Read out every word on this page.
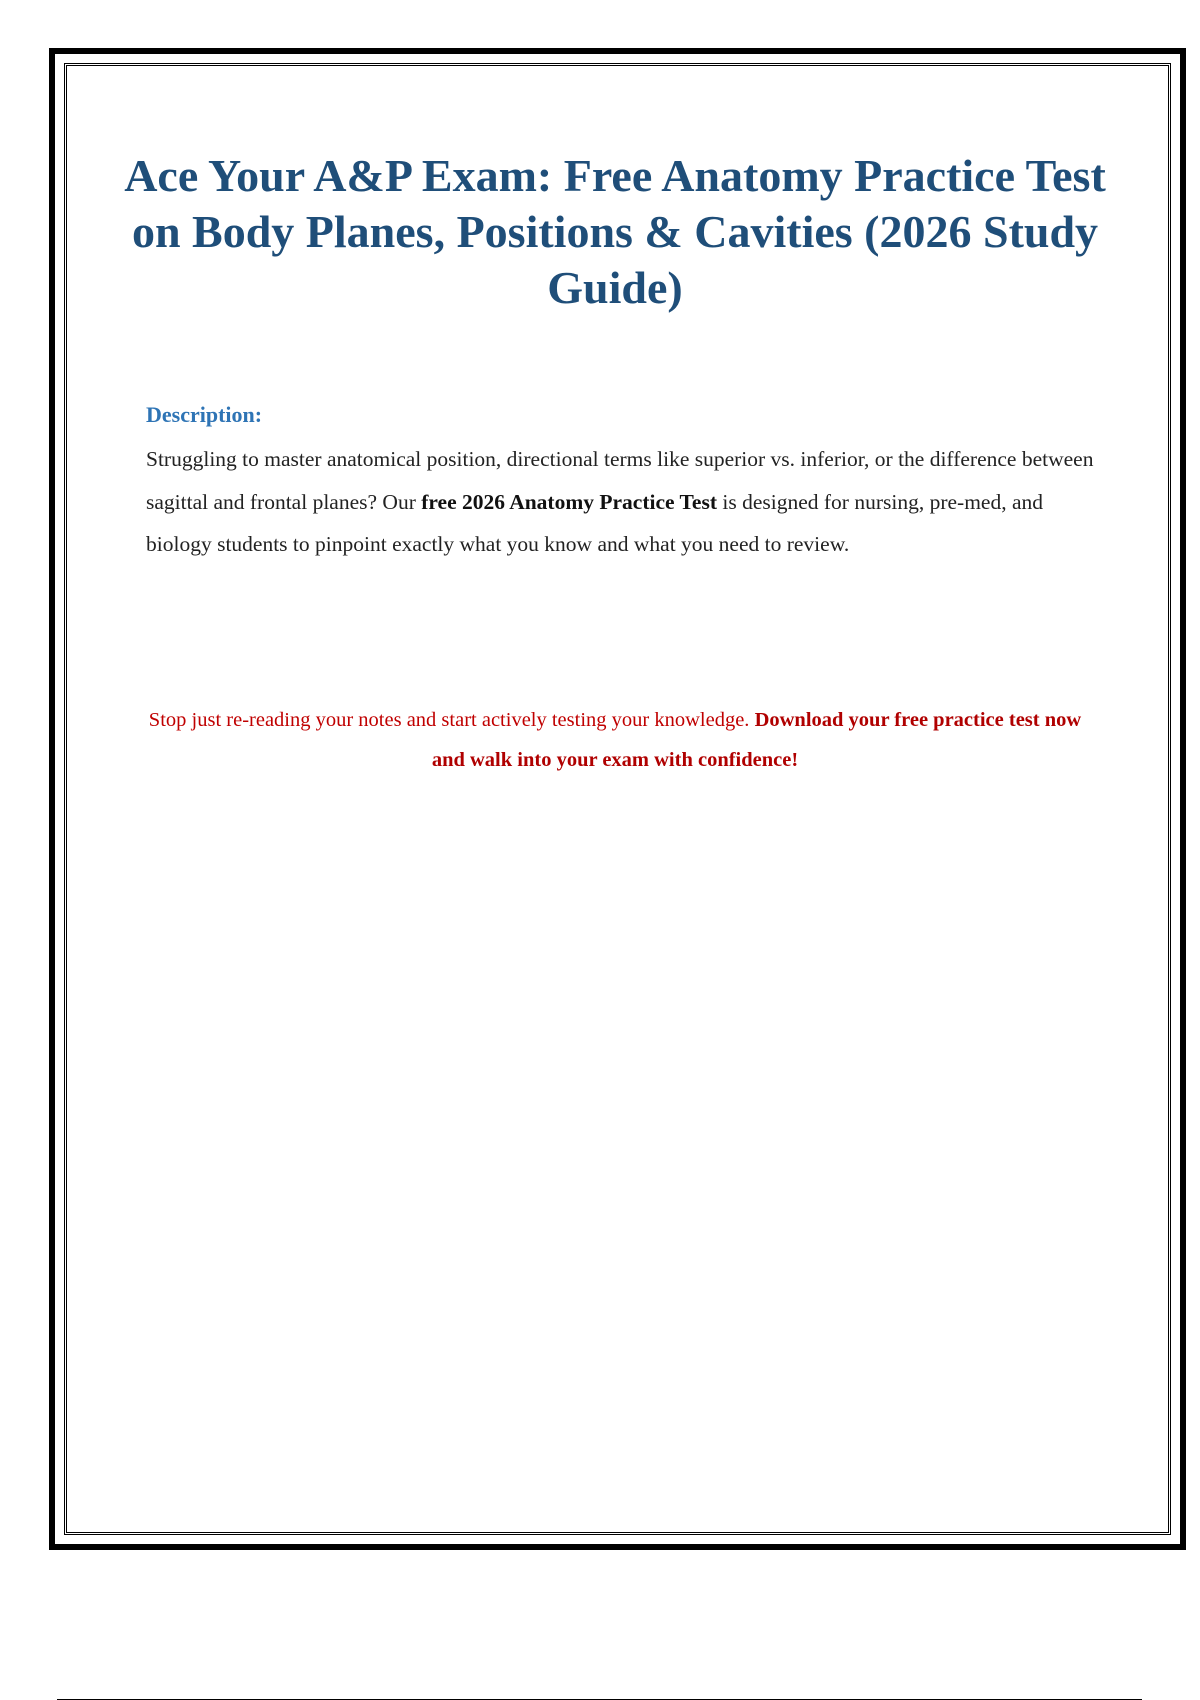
Ace Your A&P Exam: Free Anatomy Practice Test on Body Planes, Positions & Cavities (2026 Study Guide)
Description:

Struggling to master anatomical position, directional terms like superior vs. inferior, or the difference between sagittal and frontal planes? Our free 2026 Anatomy Practice Test is designed for nursing, pre-med, and biology students to pinpoint exactly what you know and what you need to review.

Stop just re-reading your notes and start actively testing your knowledge. Download your free practice test now and walk into your exam with confidence!
